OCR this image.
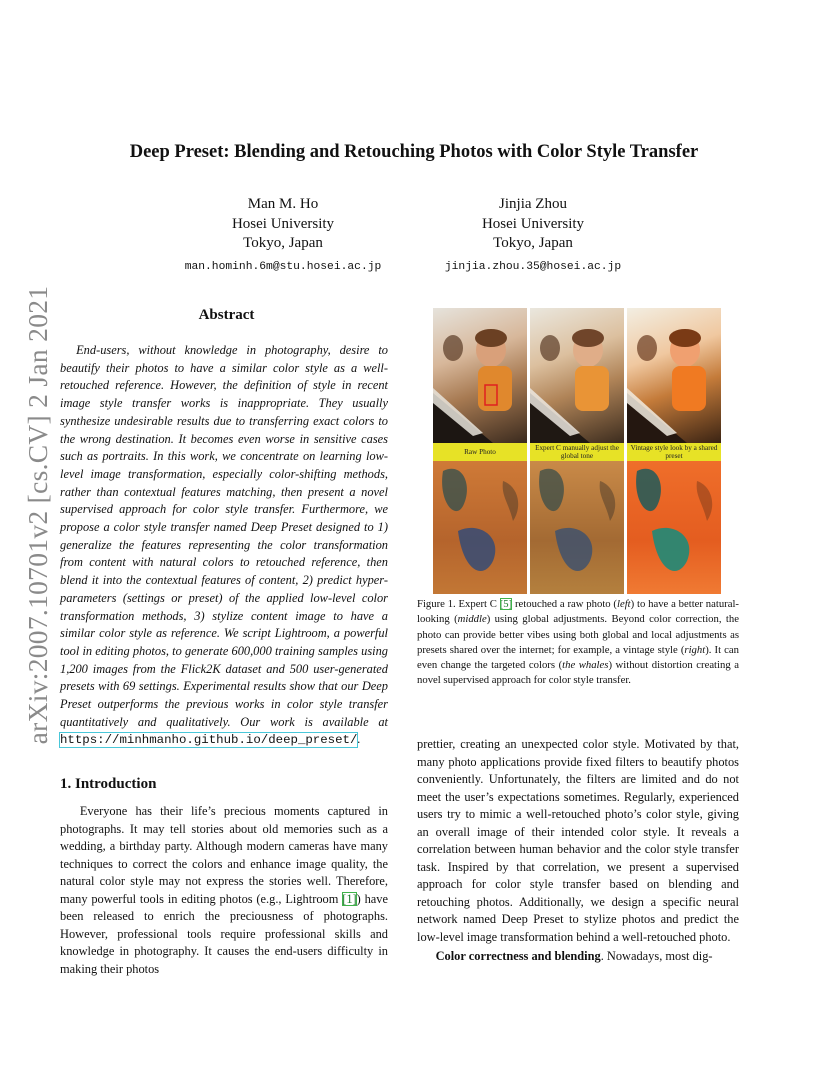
arXiv:2007.10701v2 [cs.CV] 2 Jan 2021
Deep Preset: Blending and Retouching Photos with Color Style Transfer
Man M. Ho
Hosei University
Tokyo, Japan
man.hominh.6m@stu.hosei.ac.jp
Jinjia Zhou
Hosei University
Tokyo, Japan
jinjia.zhou.35@hosei.ac.jp
Abstract

End-users, without knowledge in photography, desire to beautify their photos to have a similar color style as a well-retouched reference. However, the definition of style in recent image style transfer works is inappropriate. They usually synthesize undesirable results due to transferring exact colors to the wrong destination. It becomes even worse in sensitive cases such as portraits. In this work, we concentrate on learning low-level image transformation, especially color-shifting methods, rather than contextual features matching, then present a novel supervised approach for color style transfer. Furthermore, we propose a color style transfer named Deep Preset designed to 1) generalize the features representing the color transformation from content with natural colors to retouched reference, then blend it into the contextual features of content, 2) predict hyper-parameters (settings or preset) of the applied low-level color transformation methods, 3) stylize content image to have a similar color style as reference. We script Lightroom, a powerful tool in editing photos, to generate 600,000 training samples using 1,200 images from the Flick2K dataset and 500 user-generated presets with 69 settings. Experimental results show that our Deep Preset outperforms the previous works in color style transfer quantitatively and qualitatively. Our work is available at https://minhmanho.github.io/deep_preset/.

Raw Photo	Expert C manually adjust the global tone
Vintage style look by a shared preset

Figure 1. Expert C [5] retouched a raw photo (left) to have a better natural-looking (middle) using global adjustments. Beyond color correction, the photo can provide better vibes using both global and local adjustments as presets shared over the internet; for example, a vintage style (right). It can even change the targeted colors (the whales) without distortion creating a novel supervised approach for color style transfer.

prettier, creating an unexpected color style. Motivated by that, many photo applications provide fixed filters to beautify photos conveniently. Unfortunately, the filters are limited and do not meet the user’s expectations sometimes. Regularly, experienced users try to mimic a well-retouched photo’s color style, giving an overall image of their intended color style. It reveals a correlation between human behavior and the color style transfer task. Inspired by that correlation, we present a supervised approach for color style transfer based on blending and retouching photos. Additionally, we design a specific neural network named Deep Preset to stylize photos and predict the low-level image transformation behind a well-retouched photo.

Color correctness and blending. Nowadays, most dig-

1. Introduction

Everyone has their life’s precious moments captured in photographs. It may tell stories about old memories such as a wedding, a birthday party. Although modern cameras have many techniques to correct the colors and enhance image quality, the natural color style may not express the stories well. Therefore, many powerful tools in editing photos (e.g., Lightroom [1]) have been released to enrich the preciousness of photographs. However, professional tools require professional skills and knowledge in photography. It causes the end-users difficulty in making their photos
